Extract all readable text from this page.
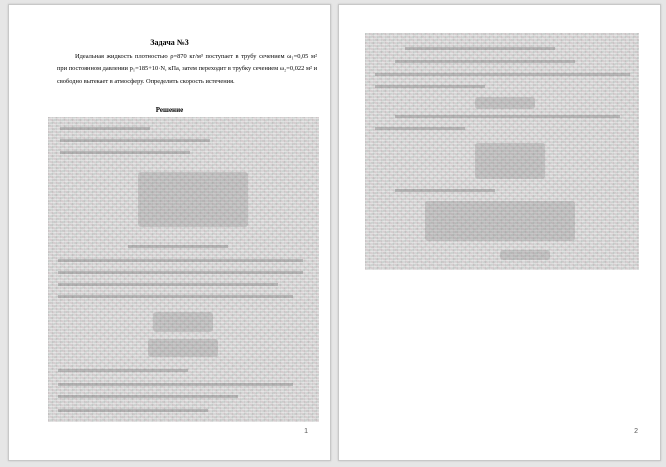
Задача №3
Идеальная жидкость плотностью ρ=870 кг/м³ поступает в трубу сечением ω₁=0,05 м² при постоянном давлении p₁=185+10·N, кПа, затем переходит в трубку сечением ω₂=0,022 м² и свободно вытекает в атмосферу. Определить скорость истечения.
Решение
1	2
